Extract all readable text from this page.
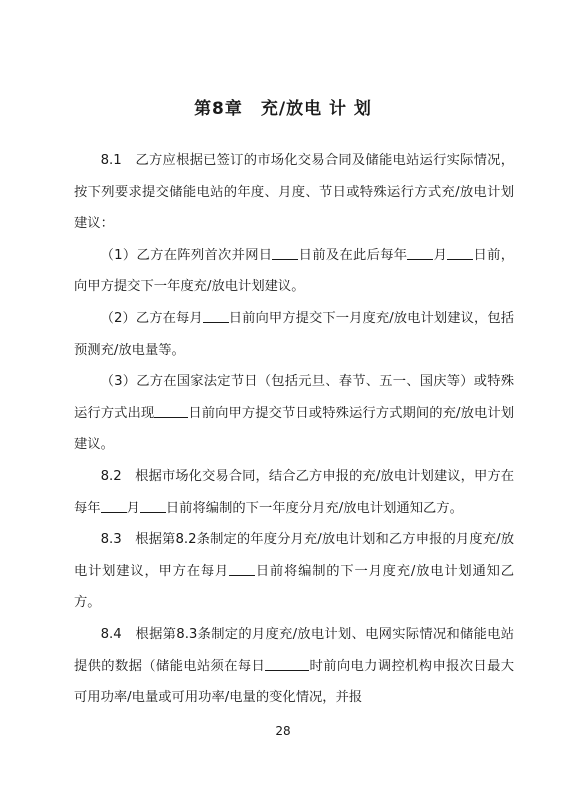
第8章　充/放电 计 划

8.1　乙方应根据已签订的市场化交易合同及储能电站运行实际情况，按下列要求提交储能电站的年度、月度、节日或特殊运行方式充/放电计划建议：

（1）乙方在阵列首次并网日 日前及在此后每年 月 日前，向甲方提交下一年度充/放电计划建议。

（2）乙方在每月 日前向甲方提交下一月度充/放电计划建议，包括预测充/放电量等。

（3）乙方在国家法定节日（包括元旦、春节、五一、国庆等）或特殊运行方式出现	日前向甲方提交节日或特殊运行方式期间的充/放电计划建议。

8.2　根据市场化交易合同，结合乙方申报的充/放电计划建议，甲方在每年 月 日前将编制的下一年度分月充/放电计划通知乙方。

8.3　根据第8.2条制定的年度分月充/放电计划和乙方申报的月度充/放电计划建议，甲方在每月 日前将编制的下一月度充/放电计划通知乙方。

8.4　根据第8.3条制定的月度充/放电计划、电网实际情况和储能电站提供的数据（储能电站须在每日	时前向电力调控机构申报次日最大可用功率/电量或可用功率/电量的变化情况，并报

28
